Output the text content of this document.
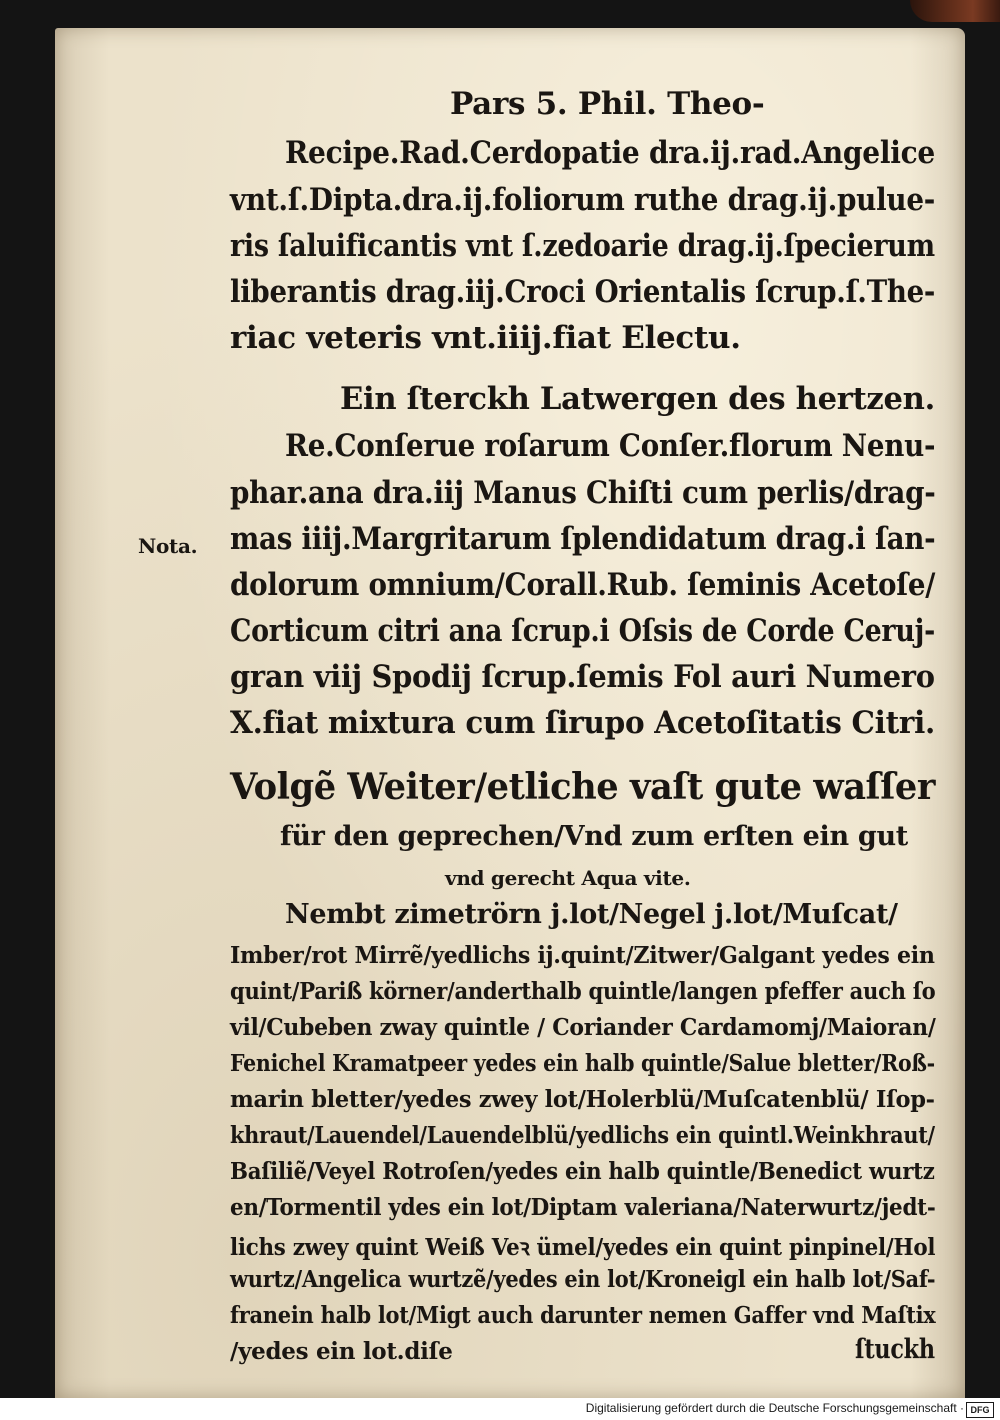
Pars 5. Phil. Theo-
Recipe.Rad.Cerdopatie dra.ij.rad.Angelice
vnt.ſ.Dipta.dra.ij.foliorum ruthe drag.ij.pulue-
ris ſaluificantis vnt ſ.zedoarie drag.ij.ſpecierum
liberantis drag.iij.Croci Orientalis ſcrup.ſ.The-
riac veteris vnt.iiij.fiat Electu.
Ein ſterckh Latwergen des hertzen.
Re.Conſerue roſarum Conſer.florum Nenu-
phar.ana dra.iij Manus Chiſti cum perlis/drag-
mas iiij.Margritarum ſplendidatum drag.i ſan-
Nota.
dolorum omnium/Corall.Rub. ſeminis Acetoſe/
Corticum citri ana ſcrup.i Oſsis de Corde Ceruj-
gran viij Spodij ſcrup.ſemis Fol auri Numero
X.fiat mixtura cum ſirupo Acetoſitatis Citri.
Volgẽ Weiter/etliche vaſt gute waſſer
für den geprechen/Vnd zum erſten ein gut
vnd gerecht Aqua vite.
Nembt zimetrörn j.lot/Negel j.lot/Muſcat/
Imber/rot Mirrẽ/yedlichs ij.quint/Zitwer/Galgant yedes ein
quint/Pariß körner/anderthalb quintle/langen pfeffer auch ſo
vil/Cubeben zway quintle / Coriander Cardamomj/Maioran/
Fenichel Kramatpeer yedes ein halb quintle/Salue bletter/Roß-
marin bletter/yedes zwey lot/Holerblü/Muſcatenblü/ Iſop-
khraut/Lauendel/Lauendelblü/yedlichs ein quintl.Weinkhraut/
Baſiliẽ/Veyel Rotroſen/yedes ein halb quintle/Benedict wurtz
en/Tormentil ydes ein lot/Diptam valeriana/Naterwurtz/jedt-
lichs zwey quint Weiß Veꝛ ümel/yedes ein quint pinpinel/Hol
wurtz/Angelica wurtzẽ/yedes ein lot/Kroneigl ein halb lot/Saf-
franein halb lot/Migt auch darunter nemen Gaffer vnd Maſtix
/yedes ein lot.diſe	ſtuckh
Digitalisierung gefördert durch die Deutsche Forschungsgemeinschaft · DFG
